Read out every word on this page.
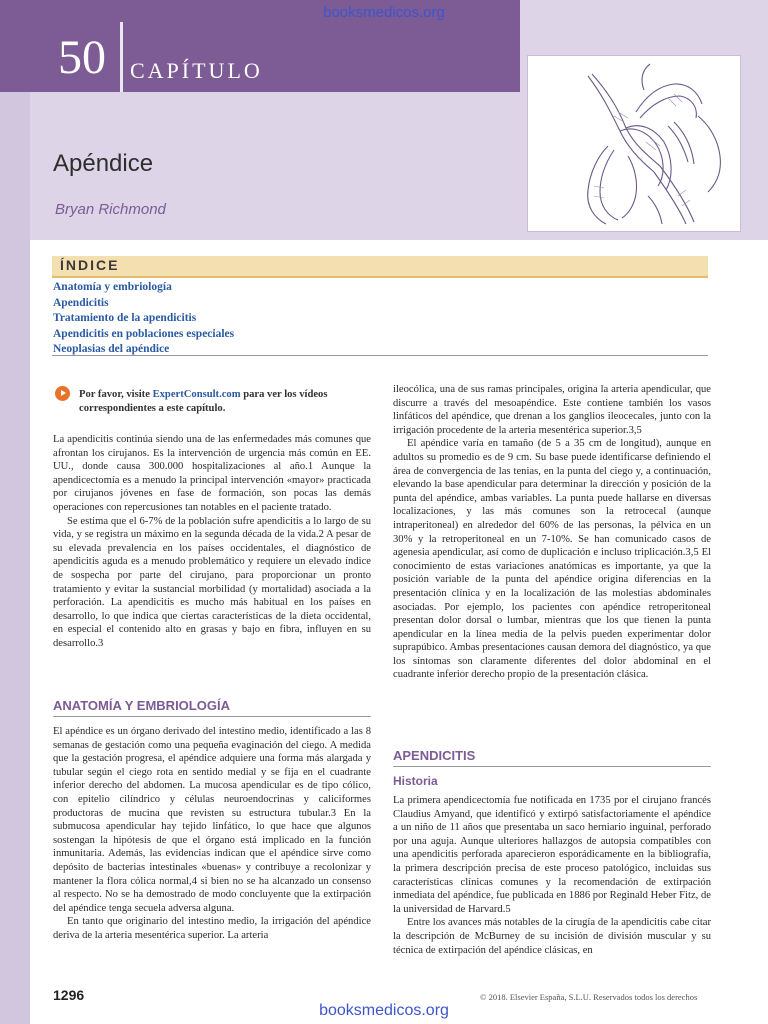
booksmedicos.org
50 CAPÍTULO
Apéndice
Bryan Richmond
ÍNDICE
Anatomía y embriología
Apendicitis
Tratamiento de la apendicitis
Apendicitis en poblaciones especiales
Neoplasias del apéndice
Por favor, visite ExpertConsult.com para ver los vídeos correspondientes a este capítulo.

La apendicitis continúa siendo una de las enfermedades más comunes que afrontan los cirujanos. Es la intervención de urgencia más común en EE. UU., donde causa 300.000 hospitalizaciones al año.1 Aunque la apendicectomía es a menudo la principal intervención «mayor» practicada por cirujanos jóvenes en fase de formación, son pocas las demás operaciones con repercusiones tan notables en el paciente tratado.

Se estima que el 6-7% de la población sufre apendicitis a lo largo de su vida, y se registra un máximo en la segunda década de la vida.2 A pesar de su elevada prevalencia en los países occidentales, el diagnóstico de apendicitis aguda es a menudo problemático y requiere un elevado índice de sospecha por parte del cirujano, para proporcionar un pronto tratamiento y evitar la sustancial morbilidad (y mortalidad) asociada a la perforación. La apendicitis es mucho más habitual en los países en desarrollo, lo que indica que ciertas características de la dieta occidental, en especial el contenido alto en grasas y bajo en fibra, influyen en su desarrollo.3

ANATOMÍA Y EMBRIOLOGÍA

El apéndice es un órgano derivado del intestino medio, identificado a las 8 semanas de gestación como una pequeña evaginación del ciego. A medida que la gestación progresa, el apéndice adquiere una forma más alargada y tubular según el ciego rota en sentido medial y se fija en el cuadrante inferior derecho del abdomen. La mucosa apendicular es de tipo cólico, con epitelio cilíndrico y células neuroendocrinas y caliciformes productoras de mucina que revisten su estructura tubular.3 En la submucosa apendicular hay tejido linfático, lo que hace que algunos sostengan la hipótesis de que el órgano está implicado en la función inmunitaria. Además, las evidencias indican que el apéndice sirve como depósito de bacterias intestinales «buenas» y contribuye a recolonizar y mantener la flora cólica normal,4 si bien no se ha alcanzado un consenso al respecto. No se ha demostrado de modo concluyente que la extirpación del apéndice tenga secuela adversa alguna.

En tanto que originario del intestino medio, la irrigación del apéndice deriva de la arteria mesentérica superior. La arteria

ileocólica, una de sus ramas principales, origina la arteria apendicular, que discurre a través del mesoapéndice. Este contiene también los vasos linfáticos del apéndice, que drenan a los ganglios ileocecales, junto con la irrigación procedente de la arteria mesentérica superior.3,5

El apéndice varía en tamaño (de 5 a 35 cm de longitud), aunque en adultos su promedio es de 9 cm. Su base puede identificarse definiendo el área de convergencia de las tenias, en la punta del ciego y, a continuación, elevando la base apendicular para determinar la dirección y posición de la punta del apéndice, ambas variables. La punta puede hallarse en diversas localizaciones, y las más comunes son la retrocecal (aunque intraperitoneal) en alrededor del 60% de las personas, la pélvica en un 30% y la retroperitoneal en un 7-10%. Se han comunicado casos de agenesia apendicular, así como de duplicación e incluso triplicación.3,5 El conocimiento de estas variaciones anatómicas es importante, ya que la posición variable de la punta del apéndice origina diferencias en la presentación clínica y en la localización de las molestias abdominales asociadas. Por ejemplo, los pacientes con apéndice retroperitoneal presentan dolor dorsal o lumbar, mientras que los que tienen la punta apendicular en la línea media de la pelvis pueden experimentar dolor suprapúbico. Ambas presentaciones causan demora del diagnóstico, ya que los síntomas son claramente diferentes del dolor abdominal en el cuadrante inferior derecho propio de la presentación clásica.

APENDICITIS
Historia

La primera apendicectomía fue notificada en 1735 por el cirujano francés Claudius Amyand, que identificó y extirpó satisfactoriamente el apéndice a un niño de 11 años que presentaba un saco herniario inguinal, perforado por una aguja. Aunque ulteriores hallazgos de autopsia compatibles con una apendicitis perforada aparecieron esporádicamente en la bibliografía, la primera descripción precisa de este proceso patológico, incluidas sus características clínicas comunes y la recomendación de extirpación inmediata del apéndice, fue publicada en 1886 por Reginald Heber Fitz, de la universidad de Harvard.5

Entre los avances más notables de la cirugía de la apendicitis cabe citar la descripción de McBurney de su incisión de división muscular y su técnica de extirpación del apéndice clásicas, en

1296	© 2018. Elsevier España, S.L.U. Reservados todos los derechos
booksmedicos.org
